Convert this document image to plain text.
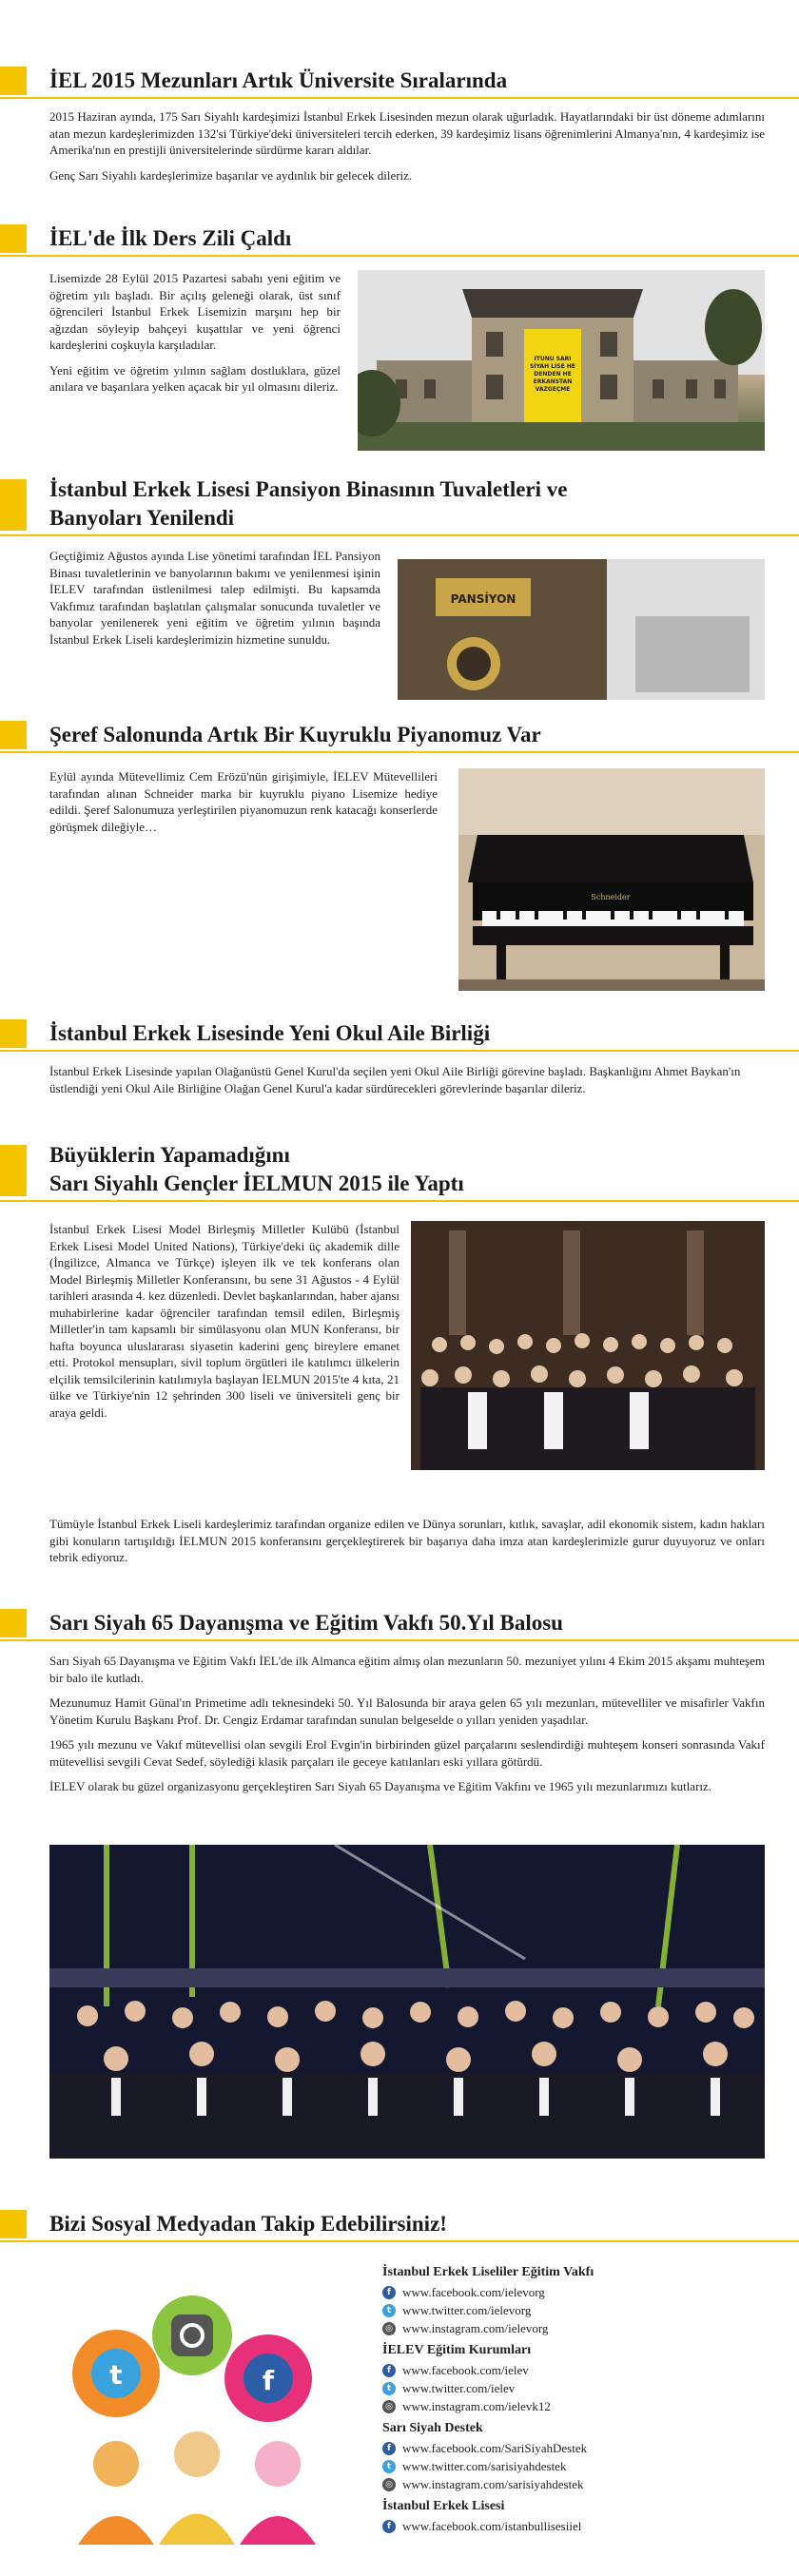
İEL 2015 Mezunları Artık Üniversite Sıralarında

2015 Haziran ayında, 175 Sarı Siyahlı kardeşimizi İstanbul Erkek Lisesinden mezun olarak uğurladık. Hayatlarındaki bir üst döneme adımlarını atan mezun kardeşlerimizden 132'si Türkiye'deki üniversiteleri tercih ederken, 39 kardeşimiz lisans öğrenimlerini Almanya'nın, 4 kardeşimiz ise Amerika'nın en prestijli üniversitelerinde sürdürme kararı aldılar.

Genç Sarı Siyahlı kardeşlerimize başarılar ve aydınlık bir gelecek dileriz.

İEL'de İlk Ders Zili Çaldı

Lisemizde 28 Eylül 2015 Pazartesi sabahı yeni eğitim ve öğretim yılı başladı. Bir açılış geleneği olarak, üst sınıf öğrencileri İstanbul Erkek Lisemizin marşını hep bir ağızdan söyleyip bahçeyi kuşattılar ve yeni öğrenci kardeşlerini coşkuyla karşıladılar.

Yeni eğitim ve öğretim yılının sağlam dostluklara, güzel anılara ve başarılara yelken açacak bir yıl olmasını dileriz.

İTÜNÜ SARI SİYAH LİSE HE DENDEN HE ERKANSTAN VAZGEÇME
İstanbul Erkek Lisesi Pansiyon Binasının Tuvaletleri ve
Banyoları Yenilendi

Geçtiğimiz Ağustos ayında Lise yönetimi tarafından İEL Pansiyon Binası tuvaletlerinin ve banyolarının bakımı ve yenilenmesi işinin İELEV tarafından üstlenilmesi talep edilmişti. Bu kapsamda Vakfımız tarafından başlatılan çalışmalar sonucunda tuvaletler ve banyolar yenilenerek yeni eğitim ve öğretim yılının başında İstanbul Erkek Liseli kardeşlerimizin hizmetine sunuldu.

PANSİYON
Şeref Salonunda Artık Bir Kuyruklu Piyanomuz Var

Eylül ayında Mütevellimiz Cem Erözü'nün girişimiyle, İELEV Mütevellileri tarafından alınan Schneider marka bir kuyruklu piyano Lisemize hediye edildi. Şeref Salonumuza yerleştirilen piyanomuzun renk katacağı konserlerde görüşmek dileğiyle…

Schneider
İstanbul Erkek Lisesinde Yeni Okul Aile Birliği

İstanbul Erkek Lisesinde yapılan Olağanüstü Genel Kurul'da seçilen yeni Okul Aile Birliği görevine başladı. Başkanlığını Ahmet Baykan'ın üstlendiği yeni Okul Aile Birliğine Olağan Genel Kurul'a kadar sürdürecekleri görevlerinde başarılar dileriz.

Büyüklerin Yapamadığını
Sarı Siyahlı Gençler İELMUN 2015 ile Yaptı

İstanbul Erkek Lisesi Model Birleşmiş Milletler Kulübü (İstanbul Erkek Lisesi Model United Nations), Türkiye'deki üç akademik dille (İngilizce, Almanca ve Türkçe) işleyen ilk ve tek konferans olan Model Birleşmiş Milletler Konferansını, bu sene 31 Ağustos - 4 Eylül tarihleri arasında 4. kez düzenledi. Devlet başkanlarından, haber ajansı muhabirlerine kadar öğrenciler tarafından temsil edilen, Birleşmiş Milletler'in tam kapsamlı bir simülasyonu olan MUN Konferansı, bir hafta boyunca uluslararası siyasetin kaderini genç bireylere emanet etti. Protokol mensupları, sivil toplum örgütleri ile katılımcı ülkelerin elçilik temsilcilerinin katılımıyla başlayan İELMUN 2015'te 4 kıta, 21 ülke ve Türkiye'nin 12 şehrinden 300 liseli ve üniversiteli genç bir araya geldi.

Tümüyle İstanbul Erkek Liseli kardeşlerimiz tarafından organize edilen ve Dünya sorunları, kıtlık, savaşlar, adil ekonomik sistem, kadın hakları gibi konuların tartışıldığı İELMUN 2015 konferansını gerçekleştirerek bir başarıya daha imza atan kardeşlerimizle gurur duyuyoruz ve onları tebrik ediyoruz.

Sarı Siyah 65 Dayanışma ve Eğitim Vakfı 50.Yıl Balosu

Sarı Siyah 65 Dayanışma ve Eğitim Vakfı İEL'de ilk Almanca eğitim almış olan mezunların 50. mezuniyet yılını 4 Ekim 2015 akşamı muhteşem bir balo ile kutladı.

Mezunumuz Hamit Günal'ın Primetime adlı teknesindeki 50. Yıl Balosunda bir araya gelen 65 yılı mezunları, mütevelliler ve misafirler Vakfın Yönetim Kurulu Başkanı Prof. Dr. Cengiz Erdamar tarafından sunulan belgeselde o yılları yeniden yaşadılar.

1965 yılı mezunu ve Vakıf mütevellisi olan sevgili Erol Evgin'in birbirinden güzel parçalarını seslendirdiği muhteşem konseri sonrasında Vakıf mütevellisi sevgili Cevat Sedef, söylediği klasik parçaları ile geceye katılanları eski yıllara götürdü.

İELEV olarak bu güzel organizasyonu gerçekleştiren Sarı Siyah 65 Dayanışma ve Eğitim Vakfını ve 1965 yılı mezunlarımızı kutlarız.

Bizi Sosyal Medyadan Takip Edebilirsiniz!
t	f
İstanbul Erkek Liseliler Eğitim Vakfı
f www.facebook.com/ielevorg
t www.twitter.com/ielevorg
◎ www.instagram.com/ielevorg
İELEV Eğitim Kurumları
f www.facebook.com/ielev
t www.twitter.com/ielev
◎ www.instagram.com/ielevk12
Sarı Siyah Destek
f www.facebook.com/SariSiyahDestek
t www.twitter.com/sarisiyahdestek
◎ www.instagram.com/sarisiyahdestek
İstanbul Erkek Lisesi
f www.facebook.com/istanbullisesiiel
